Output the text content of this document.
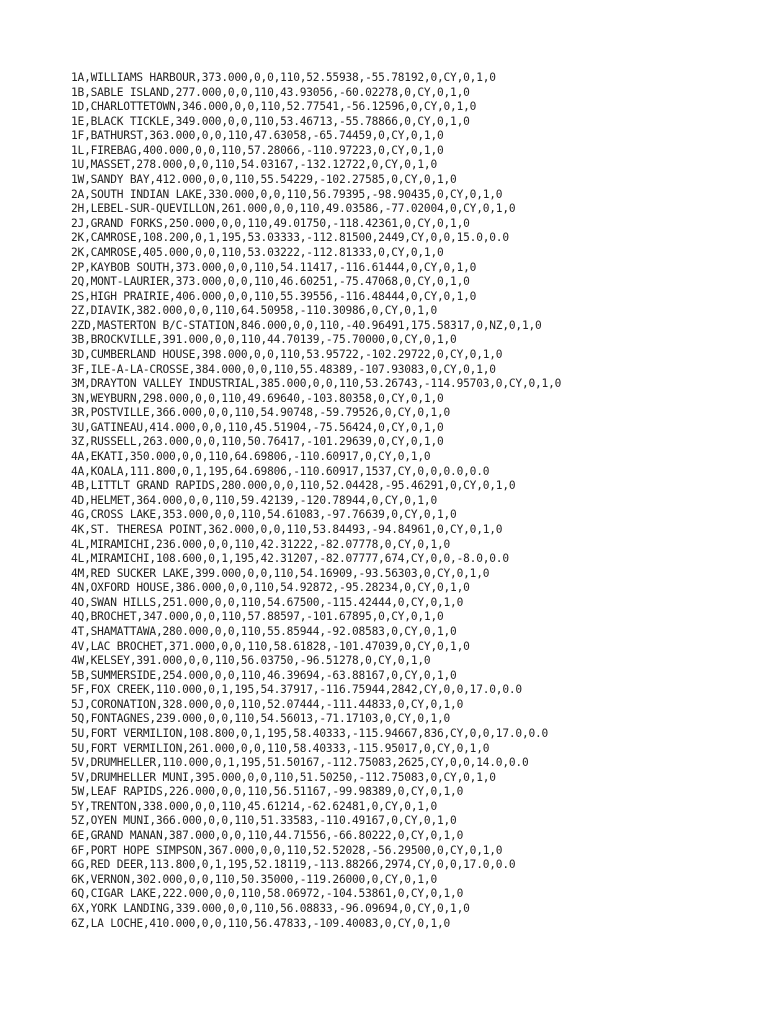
1A,WILLIAMS HARBOUR,373.000,0,0,110,52.55938,-55.78192,0,CY,0,1,0
1B,SABLE ISLAND,277.000,0,0,110,43.93056,-60.02278,0,CY,0,1,0
1D,CHARLOTTETOWN,346.000,0,0,110,52.77541,-56.12596,0,CY,0,1,0
1E,BLACK TICKLE,349.000,0,0,110,53.46713,-55.78866,0,CY,0,1,0
1F,BATHURST,363.000,0,0,110,47.63058,-65.74459,0,CY,0,1,0
1L,FIREBAG,400.000,0,0,110,57.28066,-110.97223,0,CY,0,1,0
1U,MASSET,278.000,0,0,110,54.03167,-132.12722,0,CY,0,1,0
1W,SANDY BAY,412.000,0,0,110,55.54229,-102.27585,0,CY,0,1,0
2A,SOUTH INDIAN LAKE,330.000,0,0,110,56.79395,-98.90435,0,CY,0,1,0
2H,LEBEL-SUR-QUEVILLON,261.000,0,0,110,49.03586,-77.02004,0,CY,0,1,0
2J,GRAND FORKS,250.000,0,0,110,49.01750,-118.42361,0,CY,0,1,0
2K,CAMROSE,108.200,0,1,195,53.03333,-112.81500,2449,CY,0,0,15.0,0.0
2K,CAMROSE,405.000,0,0,110,53.03222,-112.81333,0,CY,0,1,0
2P,KAYBOB SOUTH,373.000,0,0,110,54.11417,-116.61444,0,CY,0,1,0
2Q,MONT-LAURIER,373.000,0,0,110,46.60251,-75.47068,0,CY,0,1,0
2S,HIGH PRAIRIE,406.000,0,0,110,55.39556,-116.48444,0,CY,0,1,0
2Z,DIAVIK,382.000,0,0,110,64.50958,-110.30986,0,CY,0,1,0
2ZD,MASTERTON B/C-STATION,846.000,0,0,110,-40.96491,175.58317,0,NZ,0,1,0
3B,BROCKVILLE,391.000,0,0,110,44.70139,-75.70000,0,CY,0,1,0
3D,CUMBERLAND HOUSE,398.000,0,0,110,53.95722,-102.29722,0,CY,0,1,0
3F,ILE-A-LA-CROSSE,384.000,0,0,110,55.48389,-107.93083,0,CY,0,1,0
3M,DRAYTON VALLEY INDUSTRIAL,385.000,0,0,110,53.26743,-114.95703,0,CY,0,1,0
3N,WEYBURN,298.000,0,0,110,49.69640,-103.80358,0,CY,0,1,0
3R,POSTVILLE,366.000,0,0,110,54.90748,-59.79526,0,CY,0,1,0
3U,GATINEAU,414.000,0,0,110,45.51904,-75.56424,0,CY,0,1,0
3Z,RUSSELL,263.000,0,0,110,50.76417,-101.29639,0,CY,0,1,0
4A,EKATI,350.000,0,0,110,64.69806,-110.60917,0,CY,0,1,0
4A,KOALA,111.800,0,1,195,64.69806,-110.60917,1537,CY,0,0,0.0,0.0
4B,LITTLT GRAND RAPIDS,280.000,0,0,110,52.04428,-95.46291,0,CY,0,1,0
4D,HELMET,364.000,0,0,110,59.42139,-120.78944,0,CY,0,1,0
4G,CROSS LAKE,353.000,0,0,110,54.61083,-97.76639,0,CY,0,1,0
4K,ST. THERESA POINT,362.000,0,0,110,53.84493,-94.84961,0,CY,0,1,0
4L,MIRAMICHI,236.000,0,0,110,42.31222,-82.07778,0,CY,0,1,0
4L,MIRAMICHI,108.600,0,1,195,42.31207,-82.07777,674,CY,0,0,-8.0,0.0
4M,RED SUCKER LAKE,399.000,0,0,110,54.16909,-93.56303,0,CY,0,1,0
4N,OXFORD HOUSE,386.000,0,0,110,54.92872,-95.28234,0,CY,0,1,0
4O,SWAN HILLS,251.000,0,0,110,54.67500,-115.42444,0,CY,0,1,0
4Q,BROCHET,347.000,0,0,110,57.88597,-101.67895,0,CY,0,1,0
4T,SHAMATTAWA,280.000,0,0,110,55.85944,-92.08583,0,CY,0,1,0
4V,LAC BROCHET,371.000,0,0,110,58.61828,-101.47039,0,CY,0,1,0
4W,KELSEY,391.000,0,0,110,56.03750,-96.51278,0,CY,0,1,0
5B,SUMMERSIDE,254.000,0,0,110,46.39694,-63.88167,0,CY,0,1,0
5F,FOX CREEK,110.000,0,1,195,54.37917,-116.75944,2842,CY,0,0,17.0,0.0
5J,CORONATION,328.000,0,0,110,52.07444,-111.44833,0,CY,0,1,0
5Q,FONTAGNES,239.000,0,0,110,54.56013,-71.17103,0,CY,0,1,0
5U,FORT VERMILION,108.800,0,1,195,58.40333,-115.94667,836,CY,0,0,17.0,0.0
5U,FORT VERMILION,261.000,0,0,110,58.40333,-115.95017,0,CY,0,1,0
5V,DRUMHELLER,110.000,0,1,195,51.50167,-112.75083,2625,CY,0,0,14.0,0.0
5V,DRUMHELLER MUNI,395.000,0,0,110,51.50250,-112.75083,0,CY,0,1,0
5W,LEAF RAPIDS,226.000,0,0,110,56.51167,-99.98389,0,CY,0,1,0
5Y,TRENTON,338.000,0,0,110,45.61214,-62.62481,0,CY,0,1,0
5Z,OYEN MUNI,366.000,0,0,110,51.33583,-110.49167,0,CY,0,1,0
6E,GRAND MANAN,387.000,0,0,110,44.71556,-66.80222,0,CY,0,1,0
6F,PORT HOPE SIMPSON,367.000,0,0,110,52.52028,-56.29500,0,CY,0,1,0
6G,RED DEER,113.800,0,1,195,52.18119,-113.88266,2974,CY,0,0,17.0,0.0
6K,VERNON,302.000,0,0,110,50.35000,-119.26000,0,CY,0,1,0
6Q,CIGAR LAKE,222.000,0,0,110,58.06972,-104.53861,0,CY,0,1,0
6X,YORK LANDING,339.000,0,0,110,56.08833,-96.09694,0,CY,0,1,0
6Z,LA LOCHE,410.000,0,0,110,56.47833,-109.40083,0,CY,0,1,0
